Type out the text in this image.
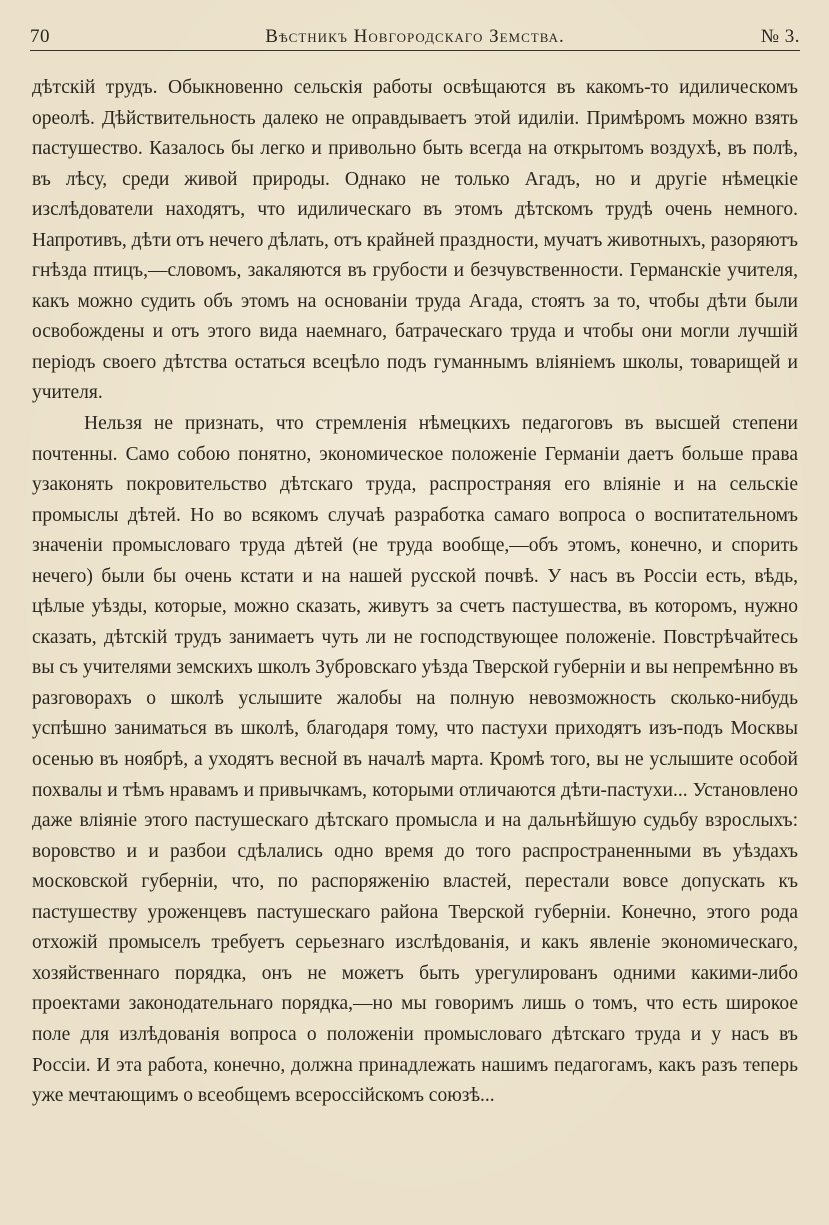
70	Вѣстникъ Новгородскаго Земства.	№ 3.

дѣтскій трудъ. Обыкновенно сельскія работы освѣщаются въ какомъ-то идилическомъ ореолѣ. Дѣйствительность далеко не оправдываетъ этой идиліи. Примѣромъ можно взять пастушество. Казалось бы легко и привольно быть всегда на открытомъ воздухѣ, въ полѣ, въ лѣсу, среди живой природы. Однако не только Агадъ, но и другіе нѣмецкіе изслѣдователи находятъ, что идилическаго въ этомъ дѣтскомъ трудѣ очень немного. Напротивъ, дѣти отъ нечего дѣлать, отъ крайней праздности, мучатъ животныхъ, разоряютъ гнѣзда птицъ,—словомъ, закаляются въ грубости и безчувственности. Германскіе учителя, какъ можно судить объ этомъ на основаніи труда Агада, стоятъ за то, чтобы дѣти были освобождены и отъ этого вида наемнаго, батраческаго труда и чтобы они могли лучшій періодъ своего дѣтства остаться всецѣло подъ гуманнымъ вліяніемъ школы, товарищей и учителя.

Нельзя не признать, что стремленія нѣмецкихъ педагоговъ въ высшей степени почтенны. Само собою понятно, экономическое положеніе Германіи даетъ больше права узаконять покровительство дѣтскаго труда, распространяя его вліяніе и на сельскіе промыслы дѣтей. Но во всякомъ случаѣ разработка самаго вопроса о воспитательномъ значеніи промысловаго труда дѣтей (не труда вообще,—объ этомъ, конечно, и спорить нечего) были бы очень кстати и на нашей русской почвѣ. У насъ въ Россіи есть, вѣдь, цѣлые уѣзды, которые, можно сказать, живутъ за счетъ пастушества, въ которомъ, нужно сказать, дѣтскій трудъ занимаетъ чуть ли не господствующее положеніе. Повстрѣчайтесь вы съ учителями земскихъ школъ Зубровскаго уѣзда Тверской губерніи и вы непремѣнно въ разговорахъ о школѣ услышите жалобы на полную невозможность сколько-нибудь успѣшно заниматься въ школѣ, благодаря тому, что пастухи приходятъ изъ-подъ Москвы осенью въ ноябрѣ, а уходятъ весной въ началѣ марта. Кромѣ того, вы не услышите особой похвалы и тѣмъ нравамъ и привычкамъ, которыми отличаются дѣти-пастухи... Установлено даже вліяніе этого пастушескаго дѣтскаго промысла и на дальнѣйшую судьбу взрослыхъ: воровство и и разбои сдѣлались одно время до того распространенными въ уѣздахъ московской губерніи, что, по распоряженію властей, перестали вовсе допускать къ пастушеству уроженцевъ пастушескаго района Тверской губерніи. Конечно, этого рода отхожій промыселъ требуетъ серьезнаго изслѣдованія, и какъ явленіе экономическаго, хозяйственнаго порядка, онъ не можетъ быть урегулированъ одними какими-либо проектами законодательнаго порядка,—но мы говоримъ лишь о томъ, что есть широкое поле для излѣдованія вопроса о положеніи промысловаго дѣтскаго труда и у насъ въ Россіи. И эта работа, конечно, должна принадлежать нашимъ педагогамъ, какъ разъ теперь уже мечтающимъ о всеобщемъ всероссійскомъ союзѣ...
